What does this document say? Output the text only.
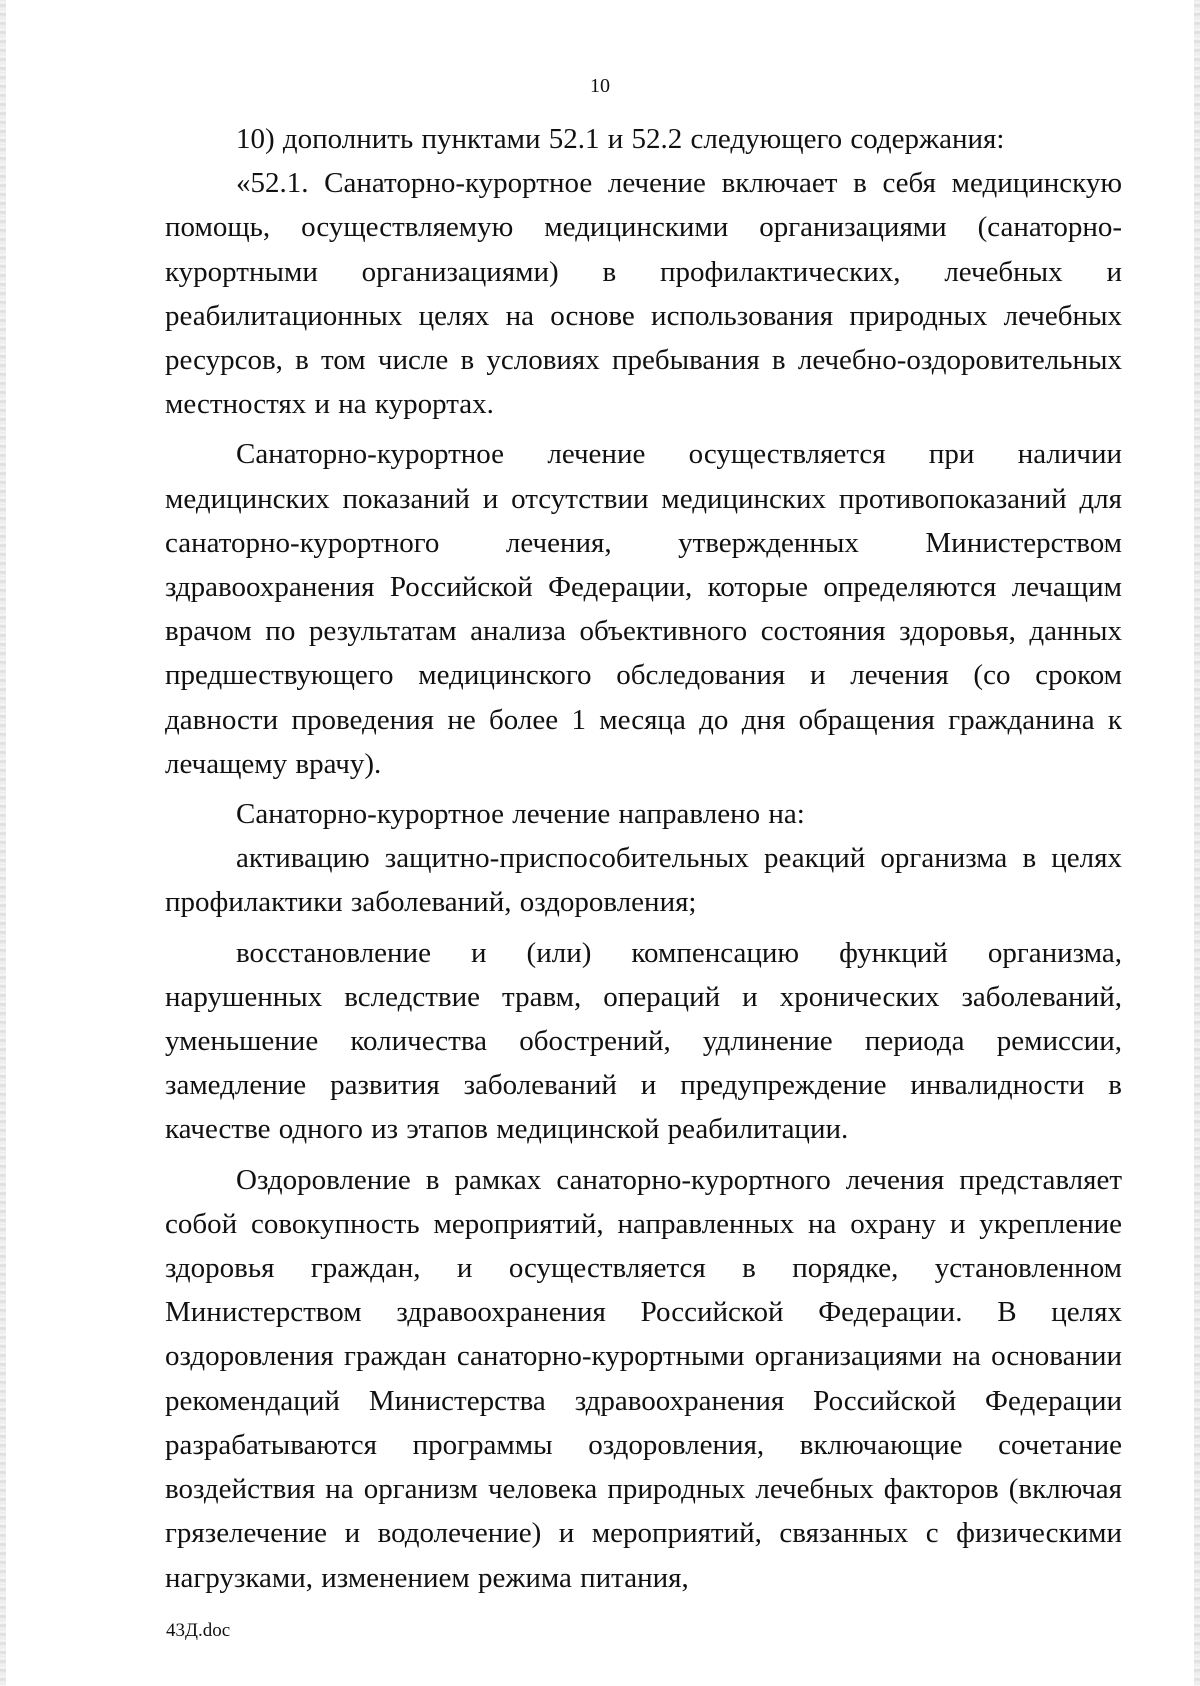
10

10) дополнить пунктами 52.1 и 52.2 следующего содержания:

«52.1. Санаторно-курортное лечение включает в себя медицинскую помощь, осуществляемую медицинскими организациями (санаторно-курортными организациями) в профилактических, лечебных и реабилитационных целях на основе использования природных лечебных ресурсов, в том числе в условиях пребывания в лечебно-оздоровительных местностях и на курортах.

Санаторно-курортное лечение осуществляется при наличии медицинских показаний и отсутствии медицинских противопоказаний для санаторно-курортного лечения, утвержденных Министерством здравоохранения Российской Федерации, которые определяются лечащим врачом по результатам анализа объективного состояния здоровья, данных предшествующего медицинского обследования и лечения (со сроком давности проведения не более 1 месяца до дня обращения гражданина к лечащему врачу).

Санаторно-курортное лечение направлено на:

активацию защитно-приспособительных реакций организма в целях профилактики заболеваний, оздоровления;

восстановление и (или) компенсацию функций организма, нарушенных вследствие травм, операций и хронических заболеваний, уменьшение количества обострений, удлинение периода ремиссии, замедление развития заболеваний и предупреждение инвалидности в качестве одного из этапов медицинской реабилитации.

Оздоровление в рамках санаторно-курортного лечения представляет собой совокупность мероприятий, направленных на охрану и укрепление здоровья граждан, и осуществляется в порядке, установленном Министерством здравоохранения Российской Федерации. В целях оздоровления граждан санаторно-курортными организациями на основании рекомендаций Министерства здравоохранения Российской Федерации разрабатываются программы оздоровления, включающие сочетание воздействия на организм человека природных лечебных факторов (включая грязелечение и водолечение) и мероприятий, связанных с физическими нагрузками, изменением режима питания,

43Д.doc
